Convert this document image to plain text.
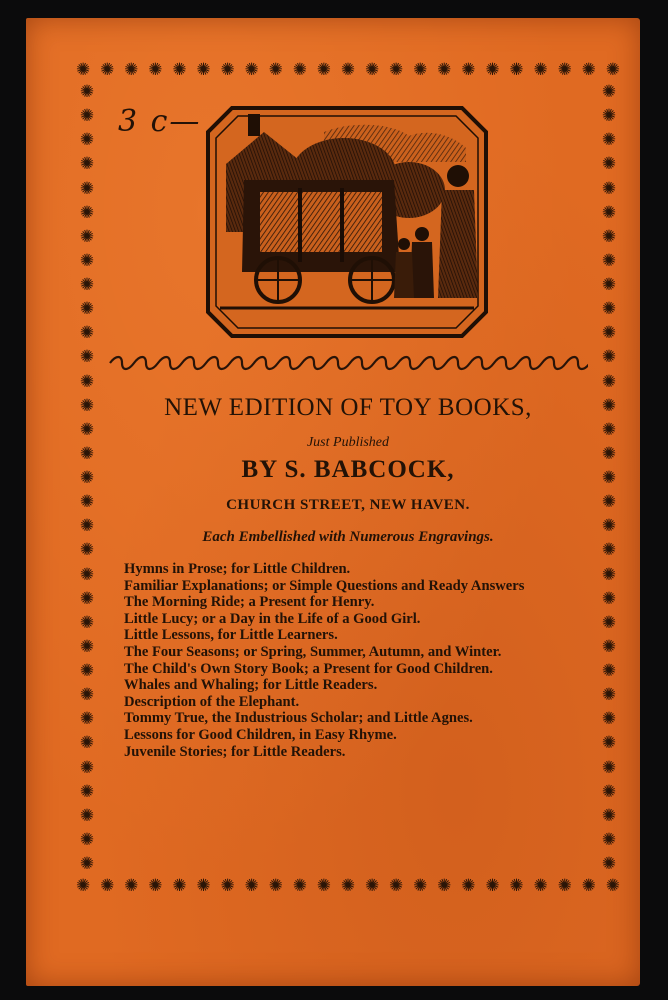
✺ ✺ ✺ ✺ ✺ ✺ ✺ ✺ ✺ ✺ ✺ ✺ ✺ ✺ ✺ ✺ ✺ ✺ ✺ ✺ ✺ ✺ ✺
✺ ✺ ✺ ✺ ✺ ✺ ✺ ✺ ✺ ✺ ✺ ✺ ✺ ✺ ✺ ✺ ✺ ✺ ✺ ✺ ✺ ✺ ✺
✺
✺
✺
✺
✺
✺
✺
✺
✺
✺
✺
✺
✺
✺
✺
✺
✺
✺
✺
✺
✺
✺
✺
✺
✺
✺
✺
✺
✺
✺
✺
✺
✺
✺
✺
✺
✺
✺
✺
✺
✺
✺
✺
✺
✺
✺
✺
✺
✺
✺
✺
✺
✺
✺
✺
✺
✺
✺
✺
✺
✺
✺
✺
✺
✺
✺
3 c—
NEW EDITION OF TOY BOOKS,
Just Published
BY S. BABCOCK,
CHURCH STREET, NEW HAVEN.
Each Embellished with Numerous Engravings.

Hymns in Prose; for Little Children.

Familiar Explanations; or Simple Questions and Ready Answers

The Morning Ride; a Present for Henry.

Little Lucy; or a Day in the Life of a Good Girl.

Little Lessons, for Little Learners.

The Four Seasons; or Spring, Summer, Autumn, and Winter.

The Child's Own Story Book; a Present for Good Children.

Whales and Whaling; for Little Readers.

Description of the Elephant.

Tommy True, the Industrious Scholar; and Little Agnes.

Lessons for Good Children, in Easy Rhyme.

Juvenile Stories; for Little Readers.
